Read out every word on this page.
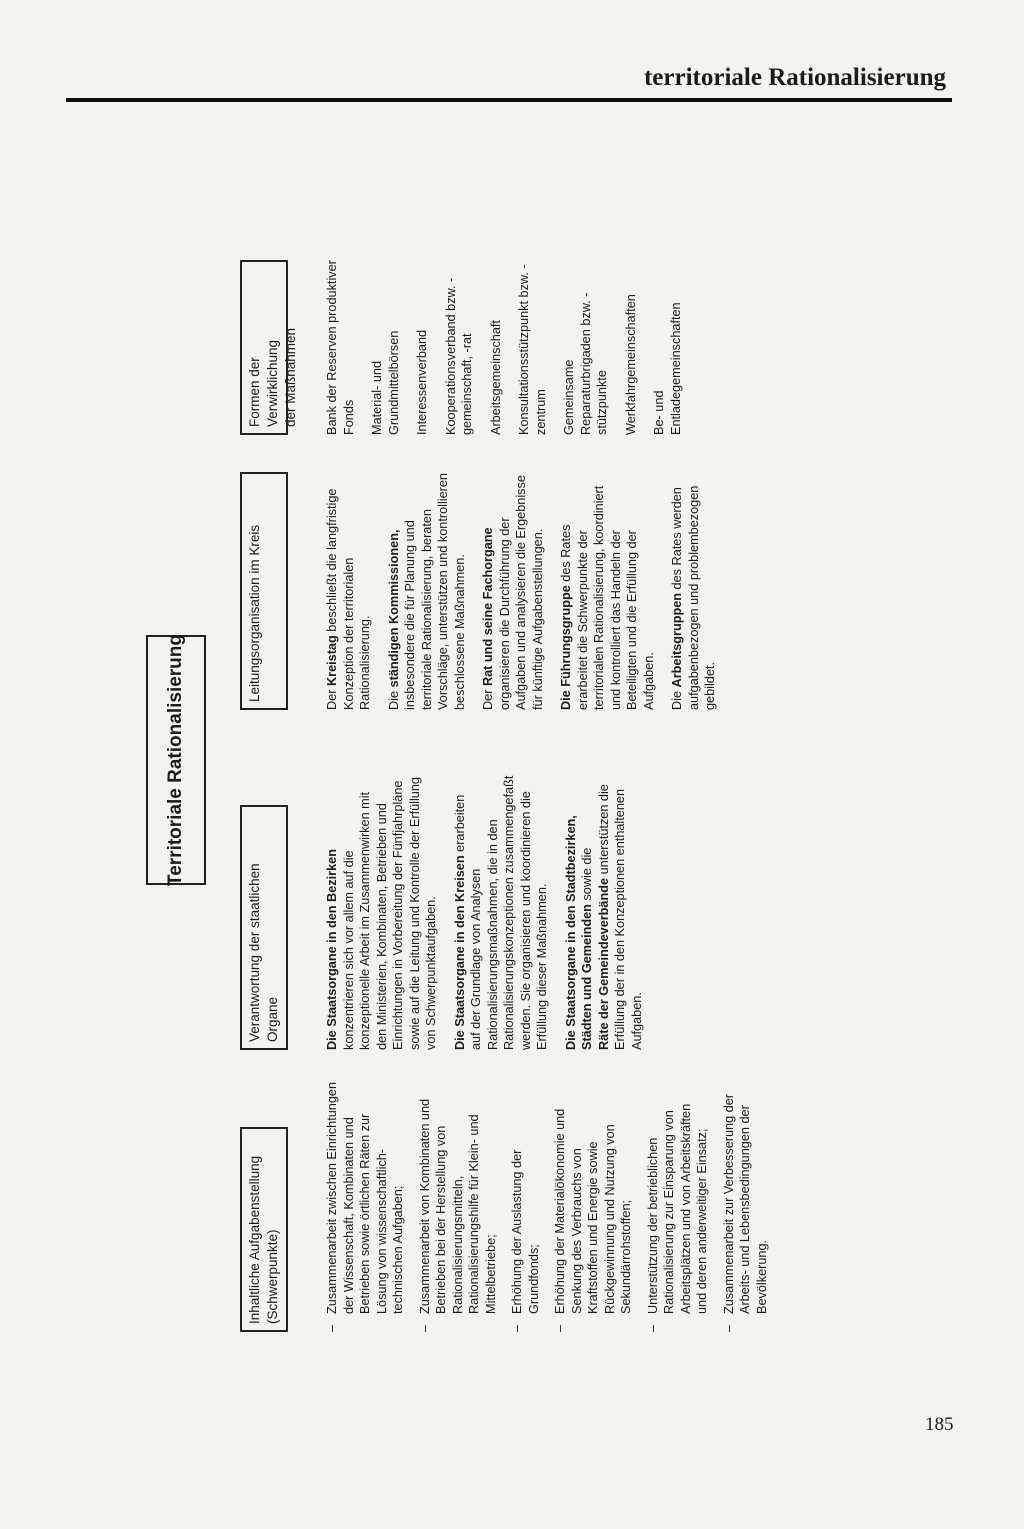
territoriale Rationalisierung
Territoriale Rationalisierung
Inhaltliche Aufgabenstellung
(Schwerpunkte)
–
Zusammenarbeit zwischen Einrichtungen der Wissenschaft, Kombinaten und Betrieben sowie örtlichen Räten zur Lösung von wissenschaftlich-technischen Aufgaben;
–
Zusammenarbeit von Kombinaten und Betrieben bei der Herstellung von Rationalisierungsmitteln, Rationalisierungshilfe für Klein- und Mittelbetriebe;
–
Erhöhung der Auslastung der Grundfonds;
–
Erhöhung der Materialökonomie und Senkung des Verbrauchs von Kraftstoffen und Energie sowie Rückgewinnung und Nutzung von Sekundärrohstoffen;
–
Unterstützung der betrieblichen Rationalisierung zur Einsparung von Arbeitsplätzen und von Arbeitskräften und deren anderweitiger Einsatz;
–
Zusammenarbeit zur Verbesserung der Arbeits- und Lebensbedingungen der Bevölkerung.
Verantwortung der staatlichen
Organe	Die Staatsorgane in den Bezirken konzentrieren sich vor allem auf die konzeptionelle Arbeit im Zusammenwirken mit den Ministerien, Kombinaten, Betrieben und Einrichtungen in Vorbereitung der Fünfjahrpläne sowie auf die Leitung und Kontrolle der Erfüllung von Schwerpunktaufgaben. Die Staatsorgane in den Kreisen erarbeiten auf der Grundlage von Analysen Rationalisierungsmaßnahmen, die in den Rationalisierungskonzeptionen zusammengefaßt werden. Sie organisieren und koordinieren die Erfüllung dieser Maßnahmen. Die Staatsorgane in den Stadtbezirken, Städten und Gemeinden sowie die
Räte der Gemeindeverbände unterstützen die Erfüllung der in den Konzeptionen enthaltenen Aufgaben.
Leitungsorganisation im Kreis	Der Kreistag beschließt die langfristige Konzeption der territorialen Rationalisierung. Die ständigen Kommissionen, insbesondere die für Planung und territoriale Rationalisierung, beraten Vorschläge, unterstützen und kontrollieren beschlossene Maßnahmen. Der Rat und seine Fachorgane organisieren die Durchführung der Aufgaben und analysieren die Ergebnisse für künftige Aufgabenstellungen. Die Führungsgruppe des Rates erarbeitet die Schwerpunkte der territorialen Rationalisierung, koordiniert und kontrolliert das Handeln der Beteiligten und die Erfüllung der Aufgaben. Die Arbeitsgruppen des Rates werden aufgabenbezogen und problembezogen gebildet.
Formen der Verwirklichung
der Maßnahmen Bank der Reserven produktiver Fonds Material- und Grundmittelbörsen Interessenverband Kooperationsverband bzw. -gemeinschaft, -rat Arbeitsgemeinschaft Konsultationsstützpunkt bzw. -zentrum Gemeinsame Reparaturbrigaden bzw. -stützpunkte Werkfahrgemeinschaften Be- und Entladegemeinschaften
185
